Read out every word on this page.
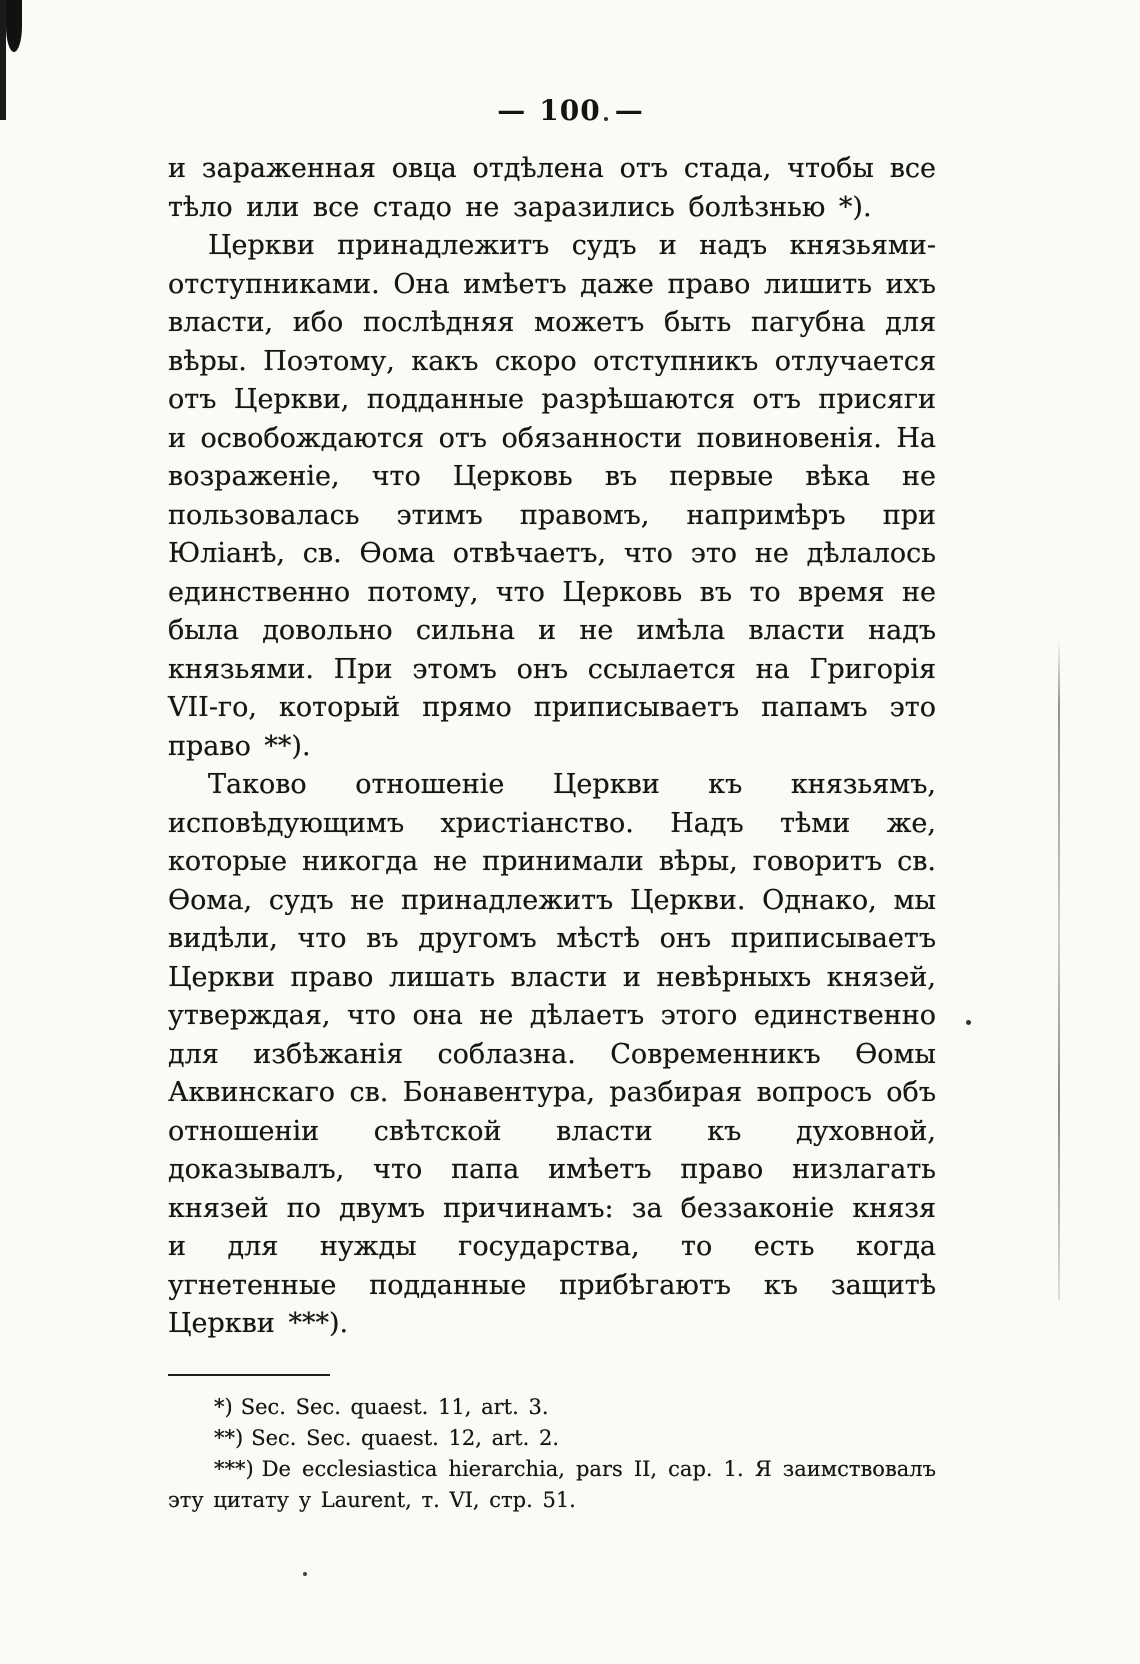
— 100 —

и зараженная овца отдѣлена отъ стада, чтобы все тѣло или все стадо не заразились болѣзнью *).

Церкви принадлежитъ судъ и надъ князьями-отступниками. Она имѣетъ даже право лишить ихъ власти, ибо послѣдняя можетъ быть пагубна для вѣры. Поэтому, какъ скоро отступникъ отлучается отъ Церкви, подданные разрѣшаются отъ присяги и освобождаются отъ обязанности повиновенія. На возраженіе, что Церковь въ первые вѣка не пользовалась этимъ правомъ, напримѣръ при Юліанѣ, св. Ѳома отвѣчаетъ, что это не дѣлалось единственно потому, что Церковь въ то время не была довольно сильна и не имѣла власти надъ князьями. При этомъ онъ ссылается на Григорія VII-го, который прямо приписываетъ папамъ это право **).

Таково отношеніе Церкви къ князьямъ, исповѣдующимъ христіанство. Надъ тѣми же, которые никогда не принимали вѣры, говоритъ св. Ѳома, судъ не принадлежитъ Церкви. Однако, мы видѣли, что въ другомъ мѣстѣ онъ приписываетъ Церкви право лишать власти и невѣрныхъ князей, утверждая, что она не дѣлаетъ этого единственно для избѣжанія соблазна. Современникъ Ѳомы Аквинскаго св. Бонавентура, разбирая вопросъ объ отношеніи свѣтской власти къ духовной, доказывалъ, что папа имѣетъ право низлагать князей по двумъ причинамъ: за беззаконіе князя и для нужды государства, то есть когда угнетенные подданные прибѣгаютъ къ защитѣ Церкви ***).

*) Sec. Sec. quaest. 11, art. 3.

**) Sec. Sec. quaest. 12, art. 2.

***) De ecclesiastica hierarchia, pars II, cap. 1. Я заимствовалъ эту цитату у Laurent, т. VI, стр. 51.
